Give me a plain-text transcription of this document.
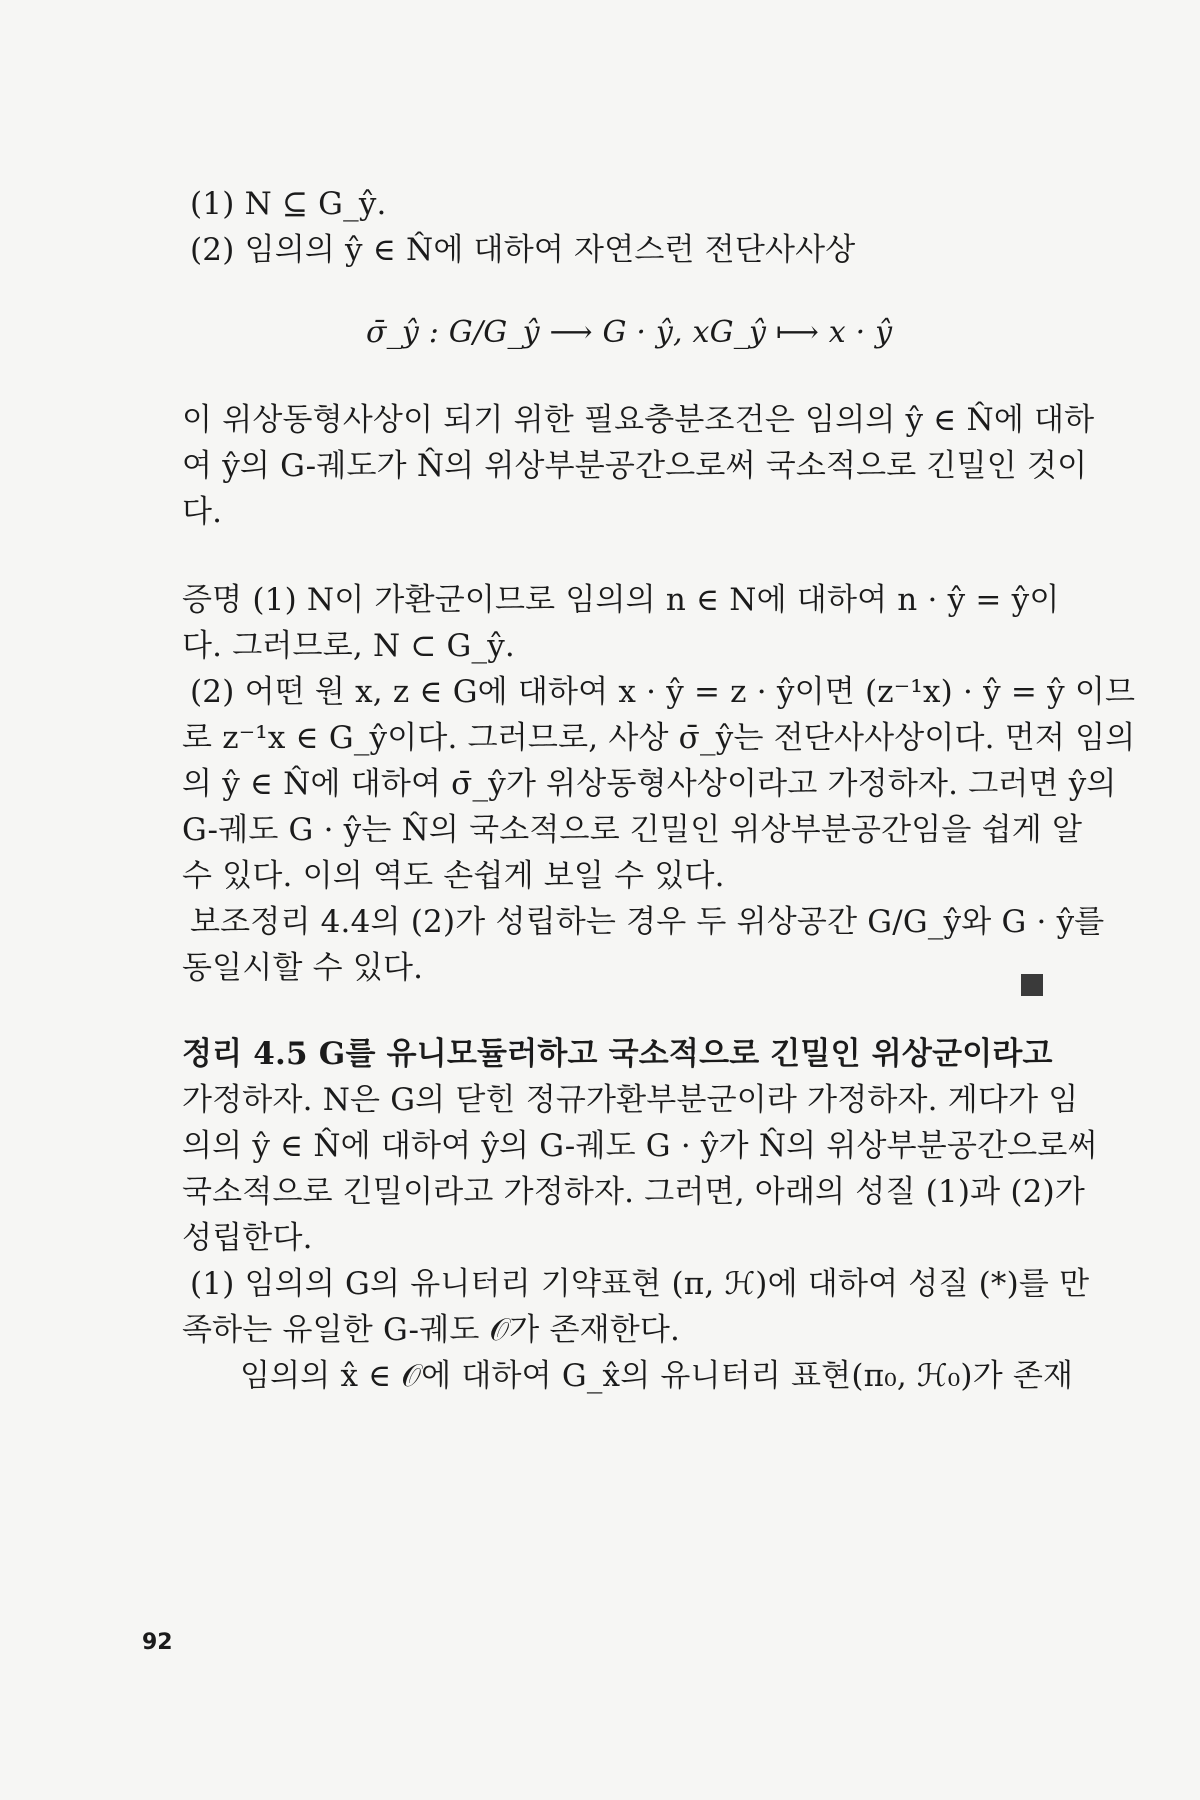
(1) N ⊆ G_ŷ.
(2) 임의의 ŷ ∈ N̂에 대하여 자연스런 전단사사상
σ̄_ŷ : G/G_ŷ ⟶ G · ŷ, xG_ŷ ⟼ x · ŷ
이 위상동형사상이 되기 위한 필요충분조건은 임의의 ŷ ∈ N̂에 대하
여 ŷ의 G-궤도가 N̂의 위상부분공간으로써 국소적으로 긴밀인 것이
다.
증명 (1) N이 가환군이므로 임의의 n ∈ N에 대하여 n · ŷ = ŷ이
다. 그러므로, N ⊂ G_ŷ.
(2) 어떤 원 x, z ∈ G에 대하여 x · ŷ = z · ŷ이면 (z⁻¹x) · ŷ = ŷ 이므
로 z⁻¹x ∈ G_ŷ이다. 그러므로, 사상 σ̄_ŷ는 전단사사상이다. 먼저 임의
의 ŷ ∈ N̂에 대하여 σ̄_ŷ가 위상동형사상이라고 가정하자. 그러면 ŷ의
G-궤도 G · ŷ는 N̂의 국소적으로 긴밀인 위상부분공간임을 쉽게 알
수 있다. 이의 역도 손쉽게 보일 수 있다.
보조정리 4.4의 (2)가 성립하는 경우 두 위상공간 G/G_ŷ와 G · ŷ를
동일시할 수 있다.
정리 4.5 G를 유니모듈러하고 국소적으로 긴밀인 위상군이라고
가정하자. N은 G의 닫힌 정규가환부분군이라 가정하자. 게다가 임
의의 ŷ ∈ N̂에 대하여 ŷ의 G-궤도 G · ŷ가 N̂의 위상부분공간으로써
국소적으로 긴밀이라고 가정하자. 그러면, 아래의 성질 (1)과 (2)가
성립한다.
(1) 임의의 G의 유니터리 기약표현 (π, ℋ)에 대하여 성질 (*)를 만
족하는 유일한 G-궤도 𝒪가 존재한다.
임의의 x̂ ∈ 𝒪에 대하여 G_x̂의 유니터리 표현(π₀, ℋ₀)가 존재
92
